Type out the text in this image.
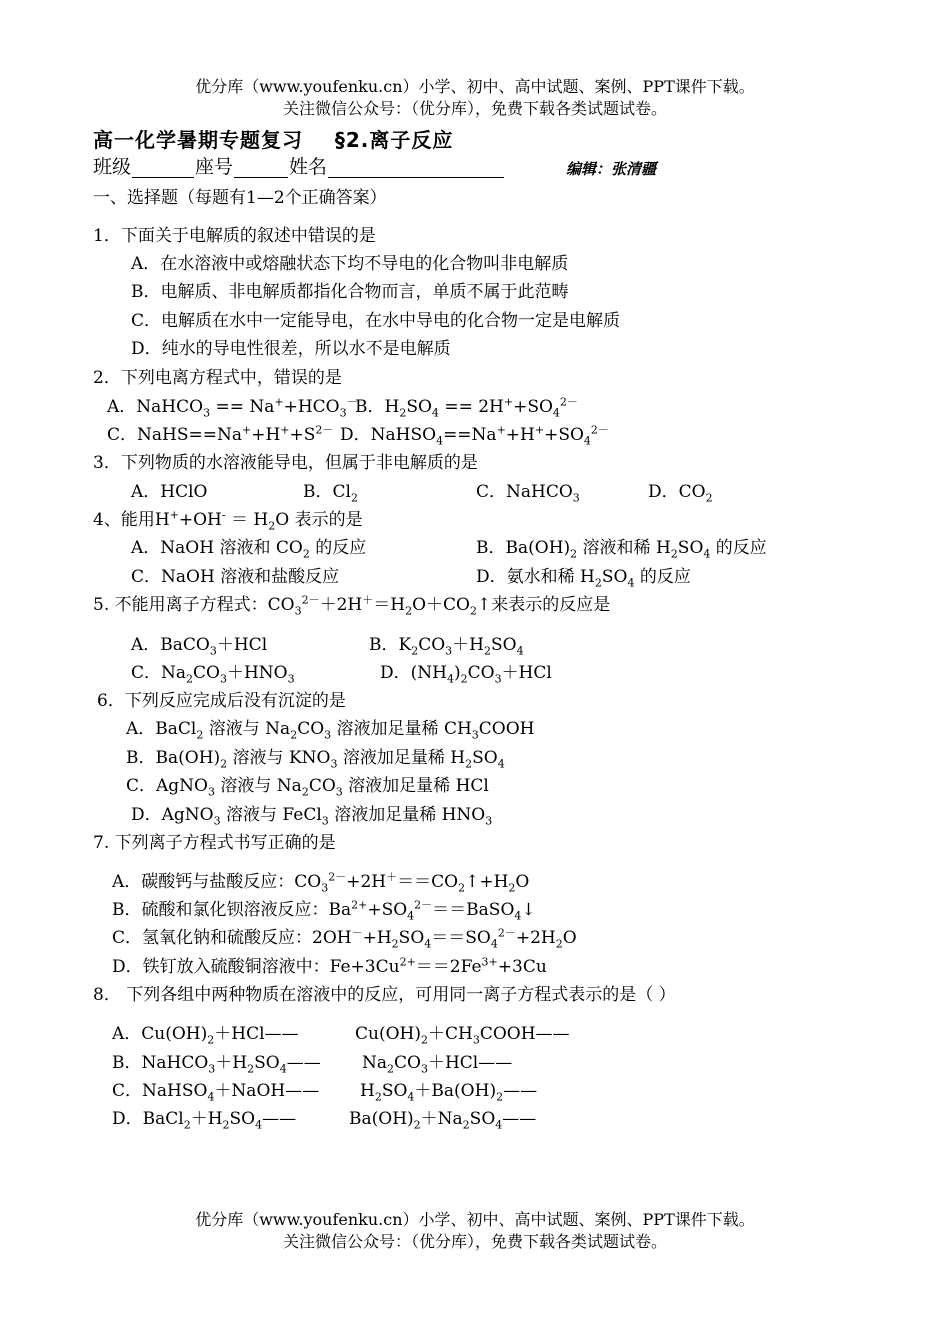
优分库（www.youfenku.cn）小学、初中、高中试题、案例、PPT课件下载。
关注微信公众号：（优分库），免费下载各类试题试卷。
高一化学暑期专题复习 §2.离子反应
班级	座号	姓名	编辑：张清疆
一、选择题（每题有1—2个正确答案）
1．下面关于电解质的叙述中错误的是
A．在水溶液中或熔融状态下均不导电的化合物叫非电解质
B．电解质、非电解质都指化合物而言，单质不属于此范畴
C．电解质在水中一定能导电，在水中导电的化合物一定是电解质
D．纯水的导电性很差，所以水不是电解质
2．下列电离方程式中，错误的是
A．NaHCO$_3$ == $Na^++HCO_3^-$
B．$H_2SO_4 == 2H^++SO_4^{2-}$
C．$NaHS==Na^++H^++S^{2-}$ D．$NaHSO_4==Na^++H^++SO_4^{2-}$
3．下列物质的水溶液能导电，但属于非电解质的是
A．HClO	B．$Cl_2$	C．NaHCO$_3$	D．$CO_2$
4、能用$H^++OH^- = H_2O$ 表示的是
A．NaOH 溶液和 $CO_2$ 的反应	B．$Ba(OH)_2$ 溶液和稀 $H_2SO_4$ 的反应
C．NaOH 溶液和盐酸反应	D．氨水和稀 $H_2SO_4$ 的反应
5. 不能用离子方程式：$CO_3^{2-}+2H^+=H_2O+CO_2↑$来表示的反应是
A．BaCO$_3$＋HCl	B．$K_2CO_3+H_2SO_4$
C．$Na_2CO_3+HNO_3$	D．$(NH_4)_2CO_3+HCl$
6．下列反应完成后没有沉淀的是
A．BaCl$_2$ 溶液与 $Na_2CO_3$ 溶液加足量稀 $CH_3COOH$
B．$Ba(OH)_2$ 溶液与 $KNO_3$ 溶液加足量稀 $H_2SO_4$
C．AgNO$_3$ 溶液与 $Na_2CO_3$ 溶液加足量稀 HCl
D．AgNO$_3$ 溶液与 FeCl$_3$ 溶液加足量稀 $HNO_3$
7. 下列离子方程式书写正确的是
A．碳酸钙与盐酸反应：$CO_3^{2-}+2H^+==CO_2↑+H_2O$
B．硫酸和氯化钡溶液反应：$Ba^{2+}+SO_4^{2-}==BaSO_4↓$
C．氢氧化钠和硫酸反应：$2OH^-+H_2SO_4==SO_4^{2-}+2H_2O$
D．铁钉放入硫酸铜溶液中：$Fe+3Cu^{2+}==2Fe^{3+}+3Cu$
8． 下列各组中两种物质在溶液中的反应，可用同一离子方程式表示的是（ ）
A．$Cu(OH)_2+HCl——$	$Cu(OH)_2+CH_3COOH——$
B．$NaHCO_3+H_2SO_4——$ $Na_2CO_3+HCl——$
C．NaHSO$_4$＋NaOH—— $H_2SO_4+Ba(OH)_2——$
D．$BaCl_2+H_2SO_4——$	$Ba(OH)_2+Na_2SO_4——$
优分库（www.youfenku.cn）小学、初中、高中试题、案例、PPT课件下载。
关注微信公众号：（优分库），免费下载各类试题试卷。
